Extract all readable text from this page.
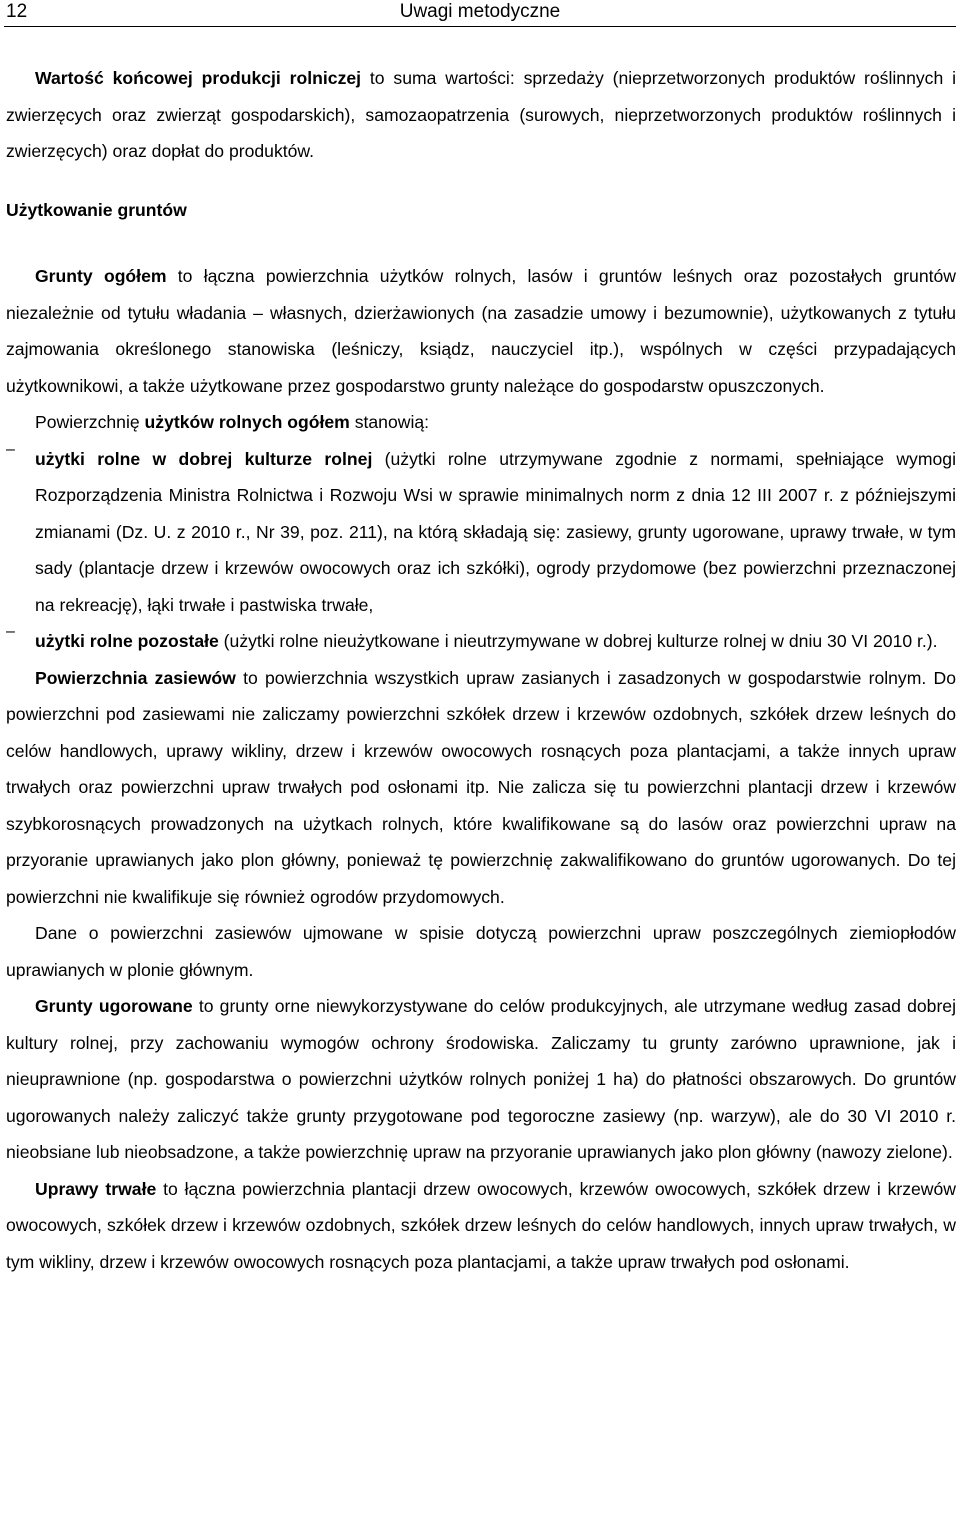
12	Uwagi metodyczne

Wartość końcowej produkcji rolniczej to suma wartości: sprzedaży (nieprzetworzonych produktów roślinnych i zwierzęcych oraz zwierząt gospodarskich), samozaopatrzenia (surowych, nieprzetworzonych produktów roślinnych i zwierzęcych) oraz dopłat do produktów.

Użytkowanie gruntów

Grunty ogółem to łączna powierzchnia użytków rolnych, lasów i gruntów leśnych oraz pozostałych gruntów niezależnie od tytułu władania – własnych, dzierżawionych (na zasadzie umowy i bezumownie), użytkowanych z tytułu zajmowania określonego stanowiska (leśniczy, ksiądz, nauczyciel itp.), wspólnych w części przypadających użytkownikowi, a także użytkowane przez gospodarstwo grunty należące do gospodarstw opuszczonych.

Powierzchnię użytków rolnych ogółem stanowią:

–	użytki rolne w dobrej kulturze rolnej (użytki rolne utrzymywane zgodnie z normami, spełniające wymogi Rozporządzenia Ministra Rolnictwa i Rozwoju Wsi w sprawie minimalnych norm z dnia 12 III 2007 r. z późniejszymi zmianami (Dz. U. z 2010 r., Nr 39, poz. 211), na którą składają się: zasiewy, grunty ugorowane, uprawy trwałe, w tym sady (plantacje drzew i krzewów owocowych oraz ich szkółki), ogrody przydomowe (bez powierzchni przeznaczonej na rekreację), łąki trwałe i pastwiska trwałe,

–	użytki rolne pozostałe (użytki rolne nieużytkowane i nieutrzymywane w dobrej kulturze rolnej w dniu 30 VI 2010 r.).

Powierzchnia zasiewów to powierzchnia wszystkich upraw zasianych i zasadzonych w gospodarstwie rolnym. Do powierzchni pod zasiewami nie zaliczamy powierzchni szkółek drzew i krzewów ozdobnych, szkółek drzew leśnych do celów handlowych, uprawy wikliny, drzew i krzewów owocowych rosnących poza plantacjami, a także innych upraw trwałych oraz powierzchni upraw trwałych pod osłonami itp. Nie zalicza się tu powierzchni plantacji drzew i krzewów szybkorosnących prowadzonych na użytkach rolnych, które kwalifikowane są do lasów oraz powierzchni upraw na przyoranie uprawianych jako plon główny, ponieważ tę powierzchnię zakwalifikowano do gruntów ugorowanych. Do tej powierzchni nie kwalifikuje się również ogrodów przydomowych.

Dane o powierzchni zasiewów ujmowane w spisie dotyczą powierzchni upraw poszczególnych ziemiopłodów uprawianych w plonie głównym.

Grunty ugorowane to grunty orne niewykorzystywane do celów produkcyjnych, ale utrzymane według zasad dobrej kultury rolnej, przy zachowaniu wymogów ochrony środowiska. Zaliczamy tu grunty zarówno uprawnione, jak i nieuprawnione (np. gospodarstwa o powierzchni użytków rolnych poniżej 1 ha) do płatności obszarowych. Do gruntów ugorowanych należy zaliczyć także grunty przygotowane pod tegoroczne zasiewy (np. warzyw), ale do 30 VI 2010 r. nieobsiane lub nieobsadzone, a także powierzchnię upraw na przyoranie uprawianych jako plon główny (nawozy zielone).

Uprawy trwałe to łączna powierzchnia plantacji drzew owocowych, krzewów owocowych, szkółek drzew i krzewów owocowych, szkółek drzew i krzewów ozdobnych, szkółek drzew leśnych do celów handlowych, innych upraw trwałych, w tym wikliny, drzew i krzewów owocowych rosnących poza plantacjami, a także upraw trwałych pod osłonami.
